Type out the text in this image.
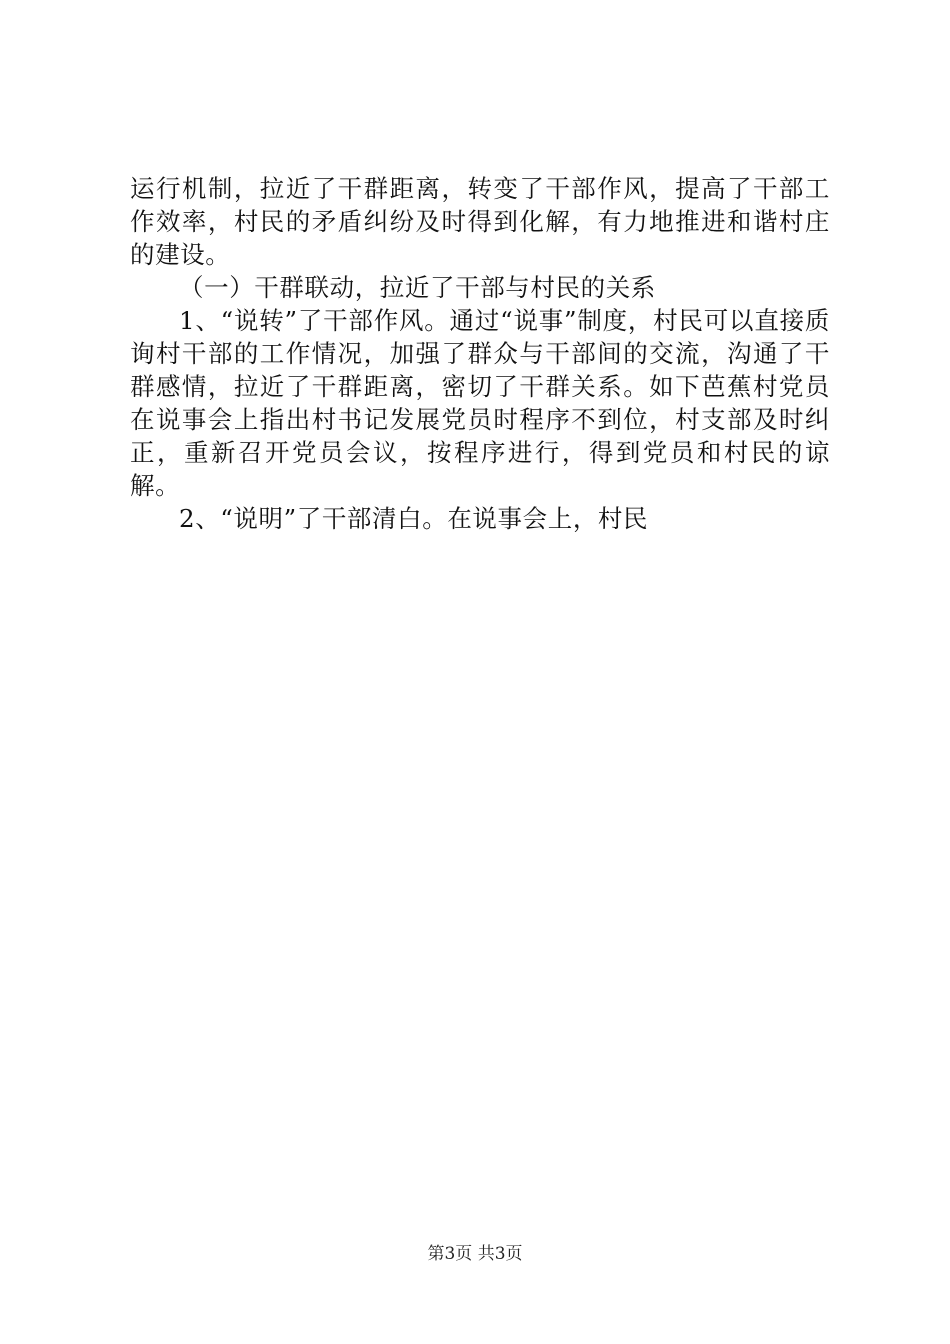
运行机制，拉近了干群距离，转变了干部作风，提高了干部工作效率，村民的矛盾纠纷及时得到化解，有力地推进和谐村庄的建设。

（一）干群联动，拉近了干部与村民的关系

1、“说转”了干部作风。通过“说事”制度，村民可以直接质询村干部的工作情况，加强了群众与干部间的交流，沟通了干群感情，拉近了干群距离，密切了干群关系。如下芭蕉村党员在说事会上指出村书记发展党员时程序不到位，村支部及时纠正，重新召开党员会议，按程序进行，得到党员和村民的谅解。

2、“说明”了干部清白。在说事会上，村民

第3页 共3页
